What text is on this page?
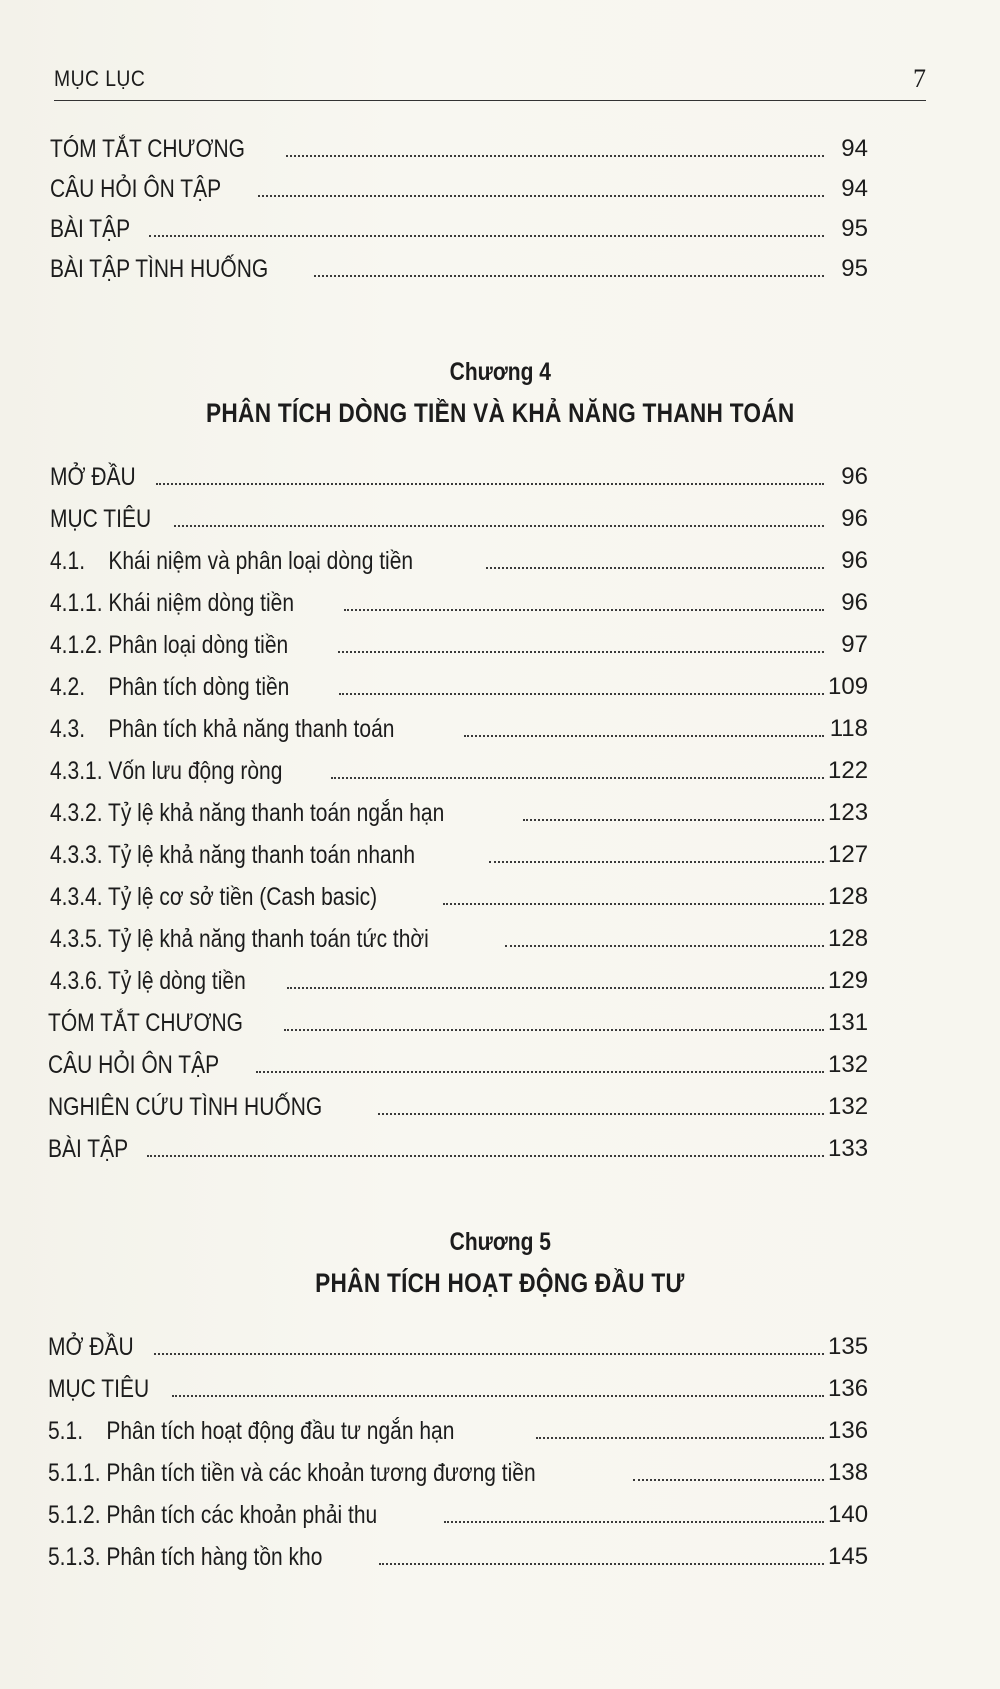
MỤC LỤC	7
TÓM TẮT CHƯƠNG	94
CÂU HỎI ÔN TẬP	94
BÀI TẬP	95
BÀI TẬP TÌNH HUỐNG	95
Chương 4
PHÂN TÍCH DÒNG TIỀN VÀ KHẢ NĂNG THANH TOÁN
MỞ ĐẦU	96
MỤC TIÊU	96
4.1.    Khái niệm và phân loại dòng tiền	96
4.1.1. Khái niệm dòng tiền	96
4.1.2. Phân loại dòng tiền	97
4.2.    Phân tích dòng tiền	109
4.3.    Phân tích khả năng thanh toán	118
4.3.1. Vốn lưu động ròng	122
4.3.2. Tỷ lệ khả năng thanh toán ngắn hạn	123
4.3.3. Tỷ lệ khả năng thanh toán nhanh	127
4.3.4. Tỷ lệ cơ sở tiền (Cash basic)	128
4.3.5. Tỷ lệ khả năng thanh toán tức thời	128
4.3.6. Tỷ lệ dòng tiền	129
TÓM TẮT CHƯƠNG	131
CÂU HỎI ÔN TẬP	132
NGHIÊN CỨU TÌNH HUỐNG	132
BÀI TẬP	133
Chương 5
PHÂN TÍCH HOẠT ĐỘNG ĐẦU TƯ
MỞ ĐẦU	135
MỤC TIÊU	136
5.1.    Phân tích hoạt động đầu tư ngắn hạn	136
5.1.1. Phân tích tiền và các khoản tương đương tiền	138
5.1.2. Phân tích các khoản phải thu	140
5.1.3. Phân tích hàng tồn kho	145
